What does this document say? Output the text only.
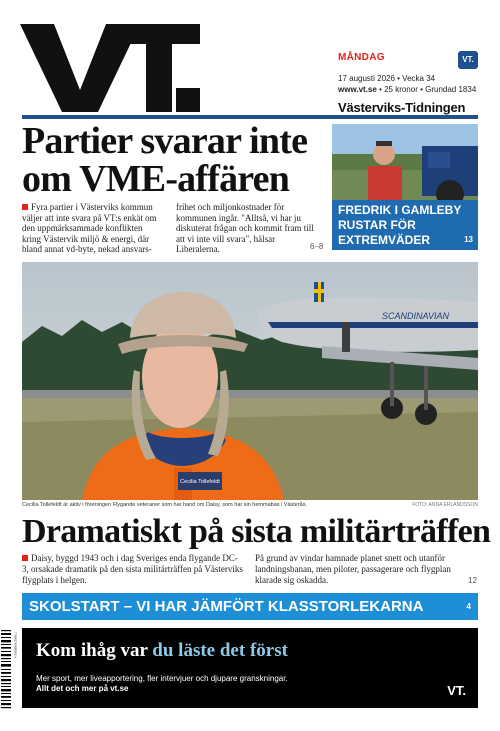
MÅNDAG
17 augusti 2026 • Vecka 34
www.vt.se • 25 kronor • Grundad 1834
Västerviks-Tidningen
VT.
Partier svarar inte om VME-affären
Fyra partier i Västerviks kommun väljer att inte svara på VT:s enkät om den uppmärksammade konflikten kring Västervik miljö & energi, där bland annat vd-byte, nekad ansvars-
frihet och miljonkostnader för kommunen ingår. "Alltså, vi har ju diskuterat frågan och kommit fram till att vi inte vill svara", hälsar Liberalerna.	6–8
FREDRIK I GAMLEBY RUSTAR FÖR EXTREMVÄDER	13
SCANDINAVIAN
Cecilia Tollefeldt
Cecilia Tollefeldt är aktiv i föreningen Flygande veteraner som har hand om Daisy, som har sin hemmabas i Västerås.	FOTO: ANNA ERLANDSSON
Dramatiskt på sista militärträffen
Daisy, byggd 1943 och i dag Sveriges enda flygande DC-3, orsakade dramatik på den sista militärträffen på Västerviks flygplats i helgen.
På grund av vindar hamnade planet snett och utanför landningsbanan, men piloter, passagerare och flygplan klarade sig oskadda.	12
SKOLSTART – VI HAR JÄMFÖRT KLASSTORLEKARNA	4
7 388176 805203 4 Kom ihåg var du läste det först
Mer sport, mer liveapportering, fler intervjuer och djupare granskningar.
Allt det och mer på vt.se	VT.
